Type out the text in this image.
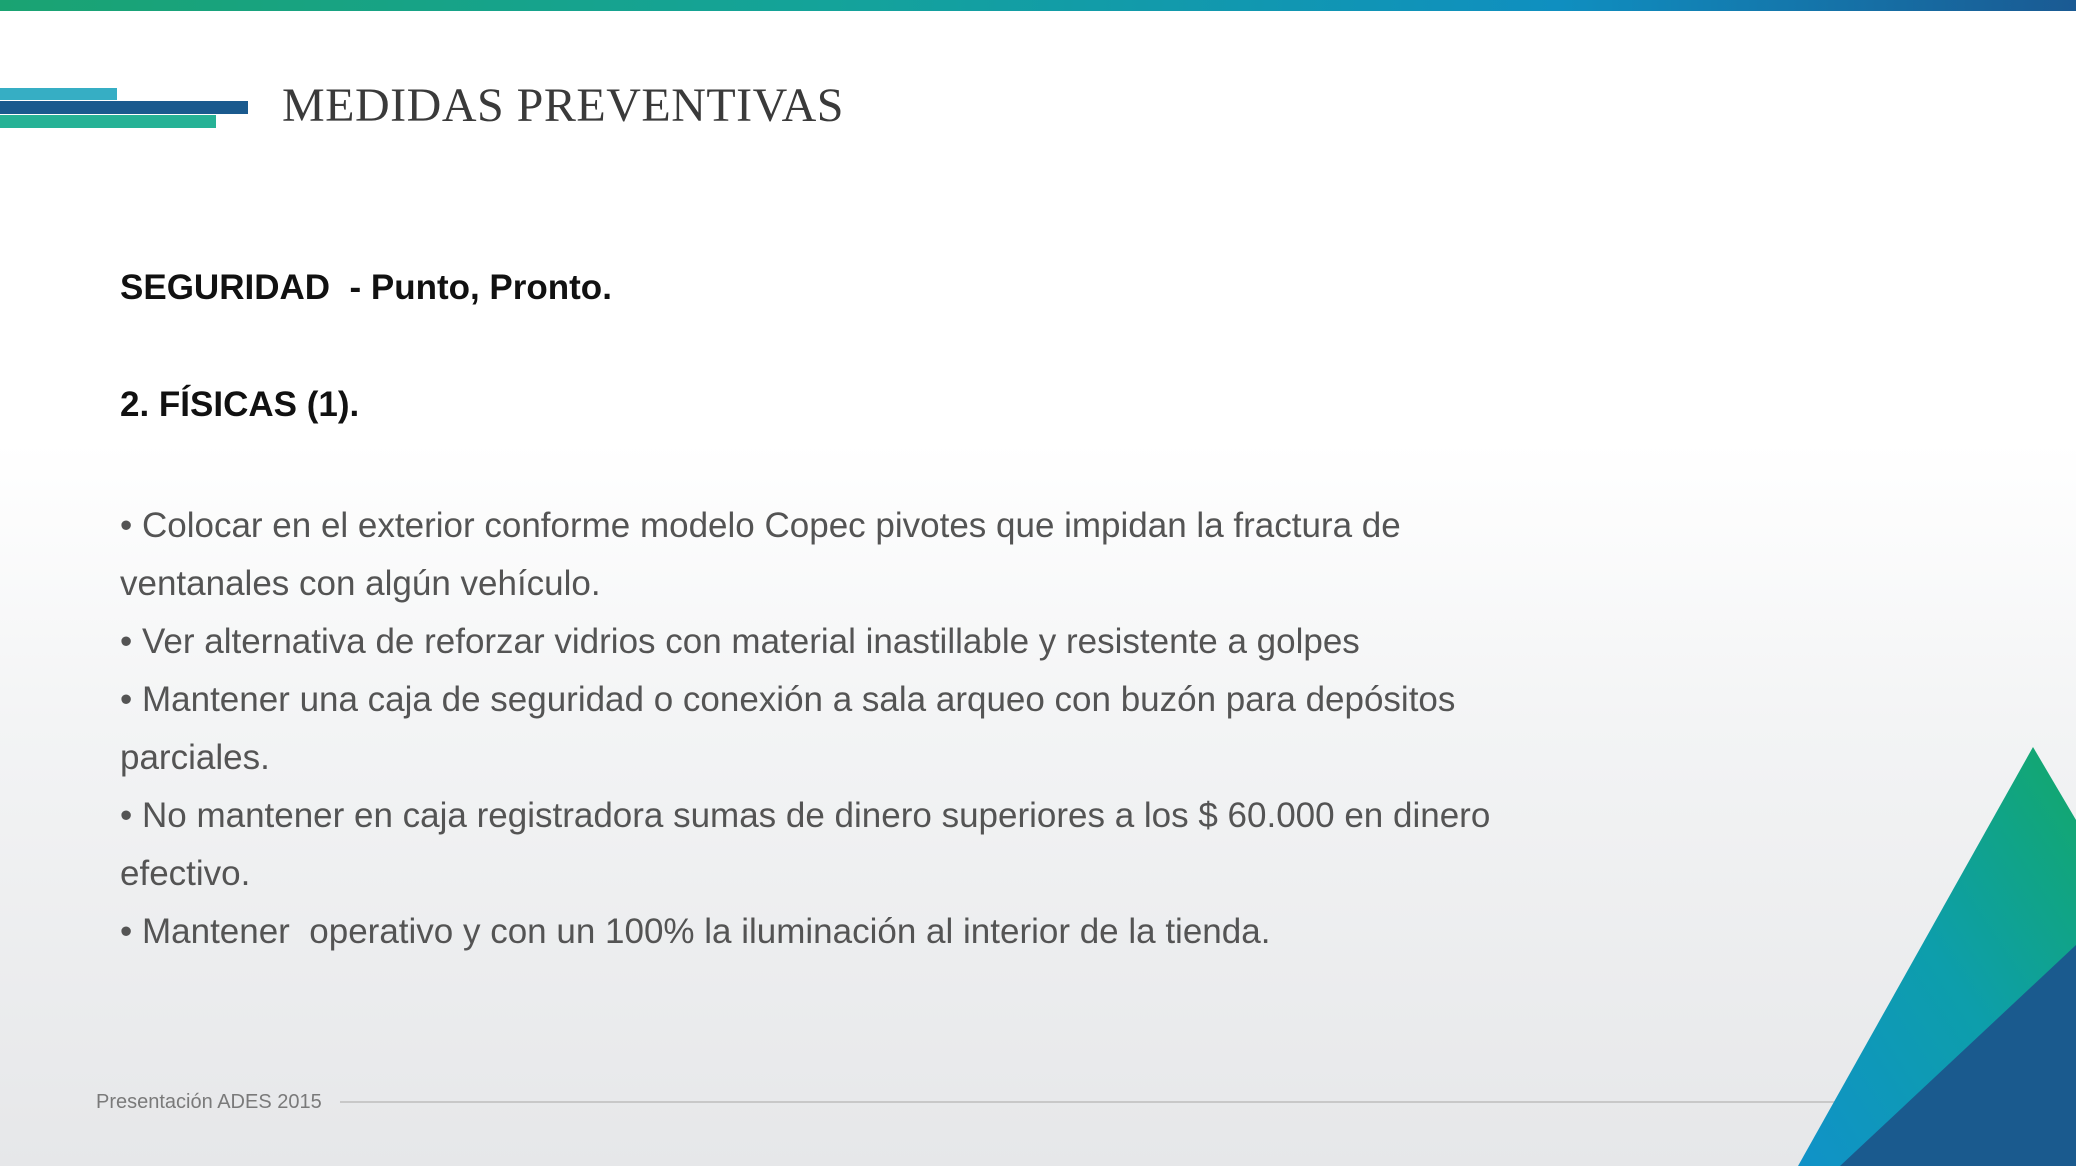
MEDIDAS PREVENTIVAS
SEGURIDAD  - Punto, Pronto.
2. FÍSICAS (1).
• Colocar en el exterior conforme modelo Copec pivotes que impidan la fractura de
ventanales con algún vehículo.
• Ver alternativa de reforzar vidrios con material inastillable y resistente a golpes
• Mantener una caja de seguridad o conexión a sala arqueo con buzón para depósitos
parciales.
• No mantener en caja registradora sumas de dinero superiores a los $ 60.000 en dinero
efectivo.
• Mantener  operativo y con un 100% la iluminación al interior de la tienda.
Presentación ADES 2015
